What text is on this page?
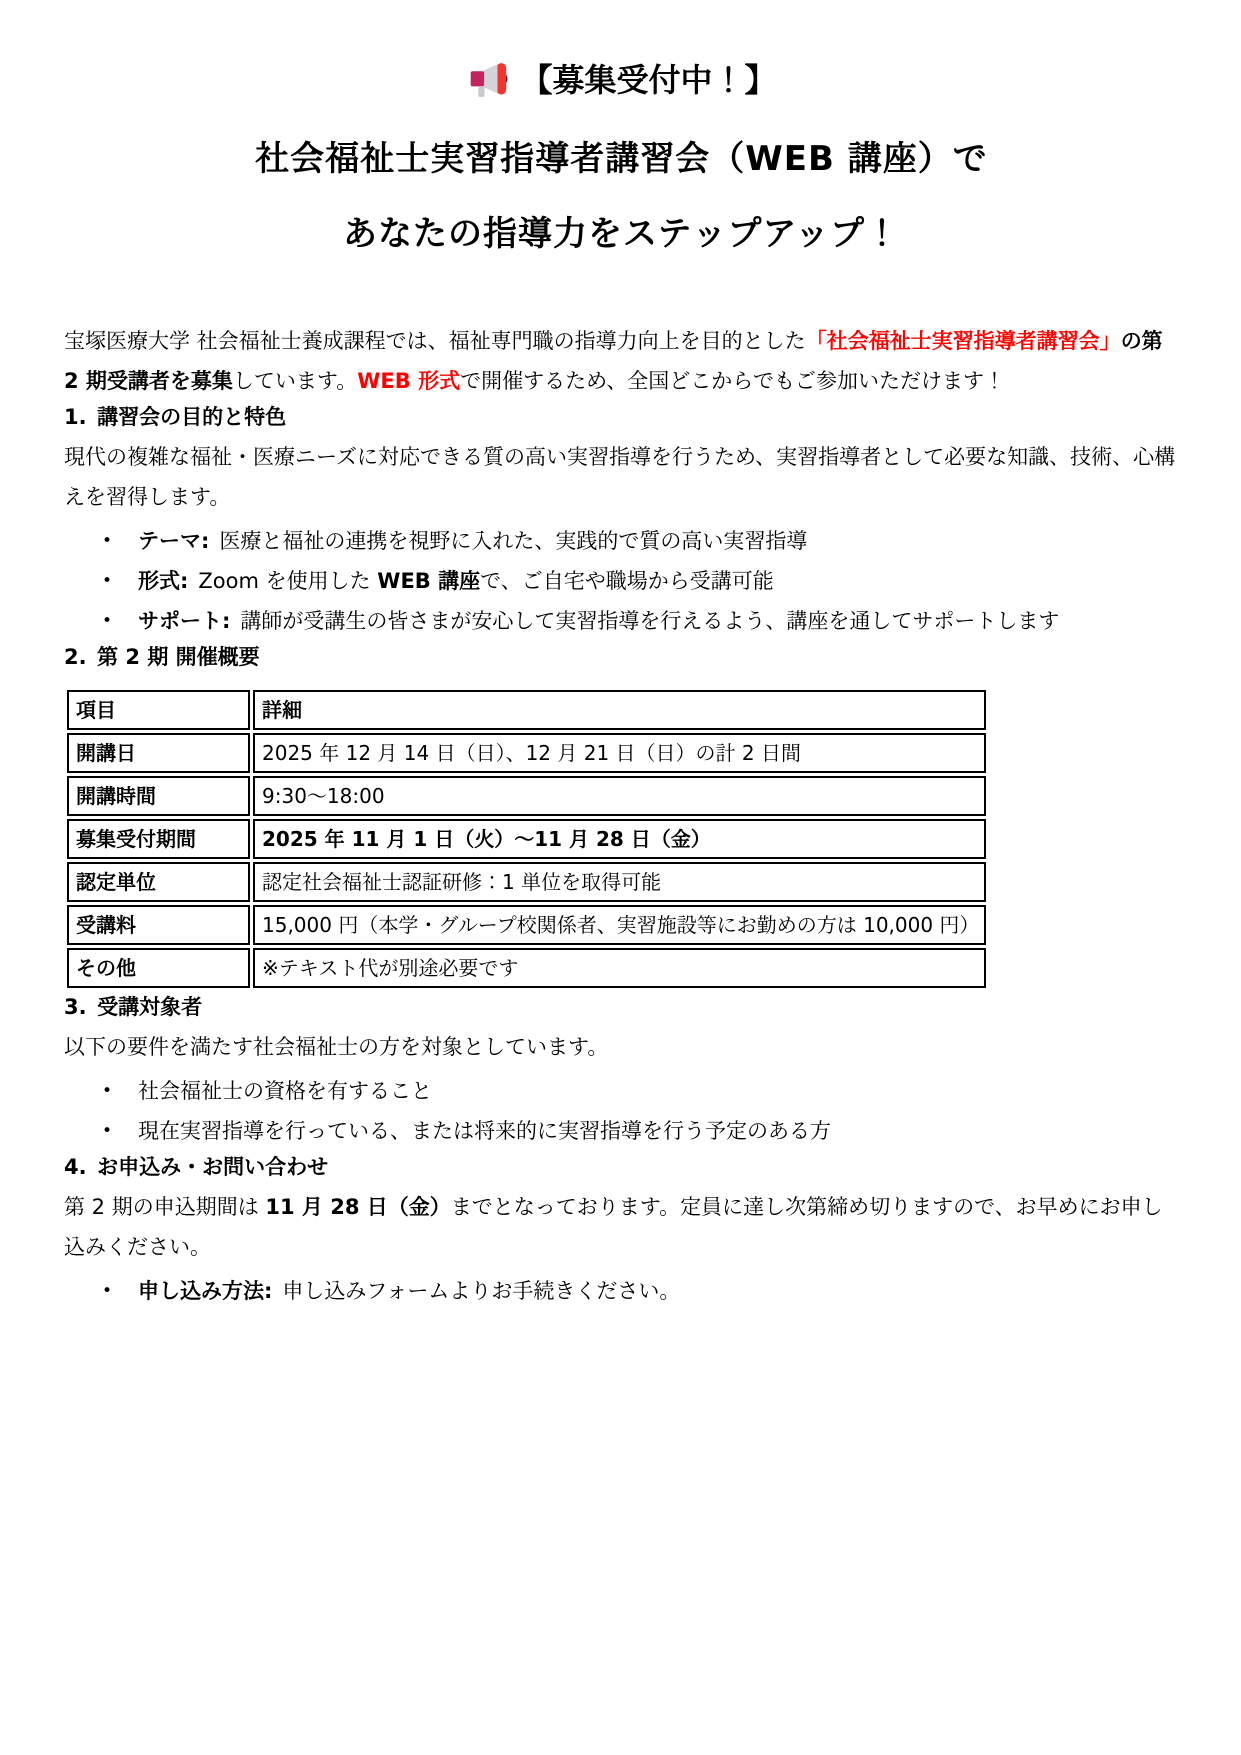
【募集受付中！】
社会福祉士実習指導者講習会（WEB 講座）で
あなたの指導力をステップアップ！

宝塚医療大学 社会福祉士養成課程では、福祉専門職の指導力向上を目的とした「社会福祉士実習指導者講習会」の第 2 期受講者を募集しています。WEB 形式で開催するため、全国どこからでもご参加いただけます！

1. 講習会の目的と特色

現代の複雑な福祉・医療ニーズに対応できる質の高い実習指導を行うため、実習指導者として必要な知識、技術、心構えを習得します。

•	テーマ: 医療と福祉の連携を視野に入れた、実践的で質の高い実習指導
•	形式: Zoom を使用した WEB 講座で、ご自宅や職場から受講可能
•	サポート: 講師が受講生の皆さまが安心して実習指導を行えるよう、講座を通してサポートします
2. 第 2 期 開催概要
項目	詳細
開講日	2025 年 12 月 14 日（日）、12 月 21 日（日）の計 2 日間
開講時間	9:30～18:00
募集受付期間	2025 年 11 月 1 日（火）～11 月 28 日（金）
認定単位	認定社会福祉士認証研修：1 単位を取得可能
受講料	15,000 円（本学・グループ校関係者、実習施設等にお勤めの方は 10,000 円）
その他	※テキスト代が別途必要です
3. 受講対象者

以下の要件を満たす社会福祉士の方を対象としています。

•	社会福祉士の資格を有すること
•	現在実習指導を行っている、または将来的に実習指導を行う予定のある方
4. お申込み・お問い合わせ

第 2 期の申込期間は 11 月 28 日（金）までとなっております。定員に達し次第締め切りますので、お早めにお申し込みください。

•	申し込み方法: 申し込みフォームよりお手続きください。
